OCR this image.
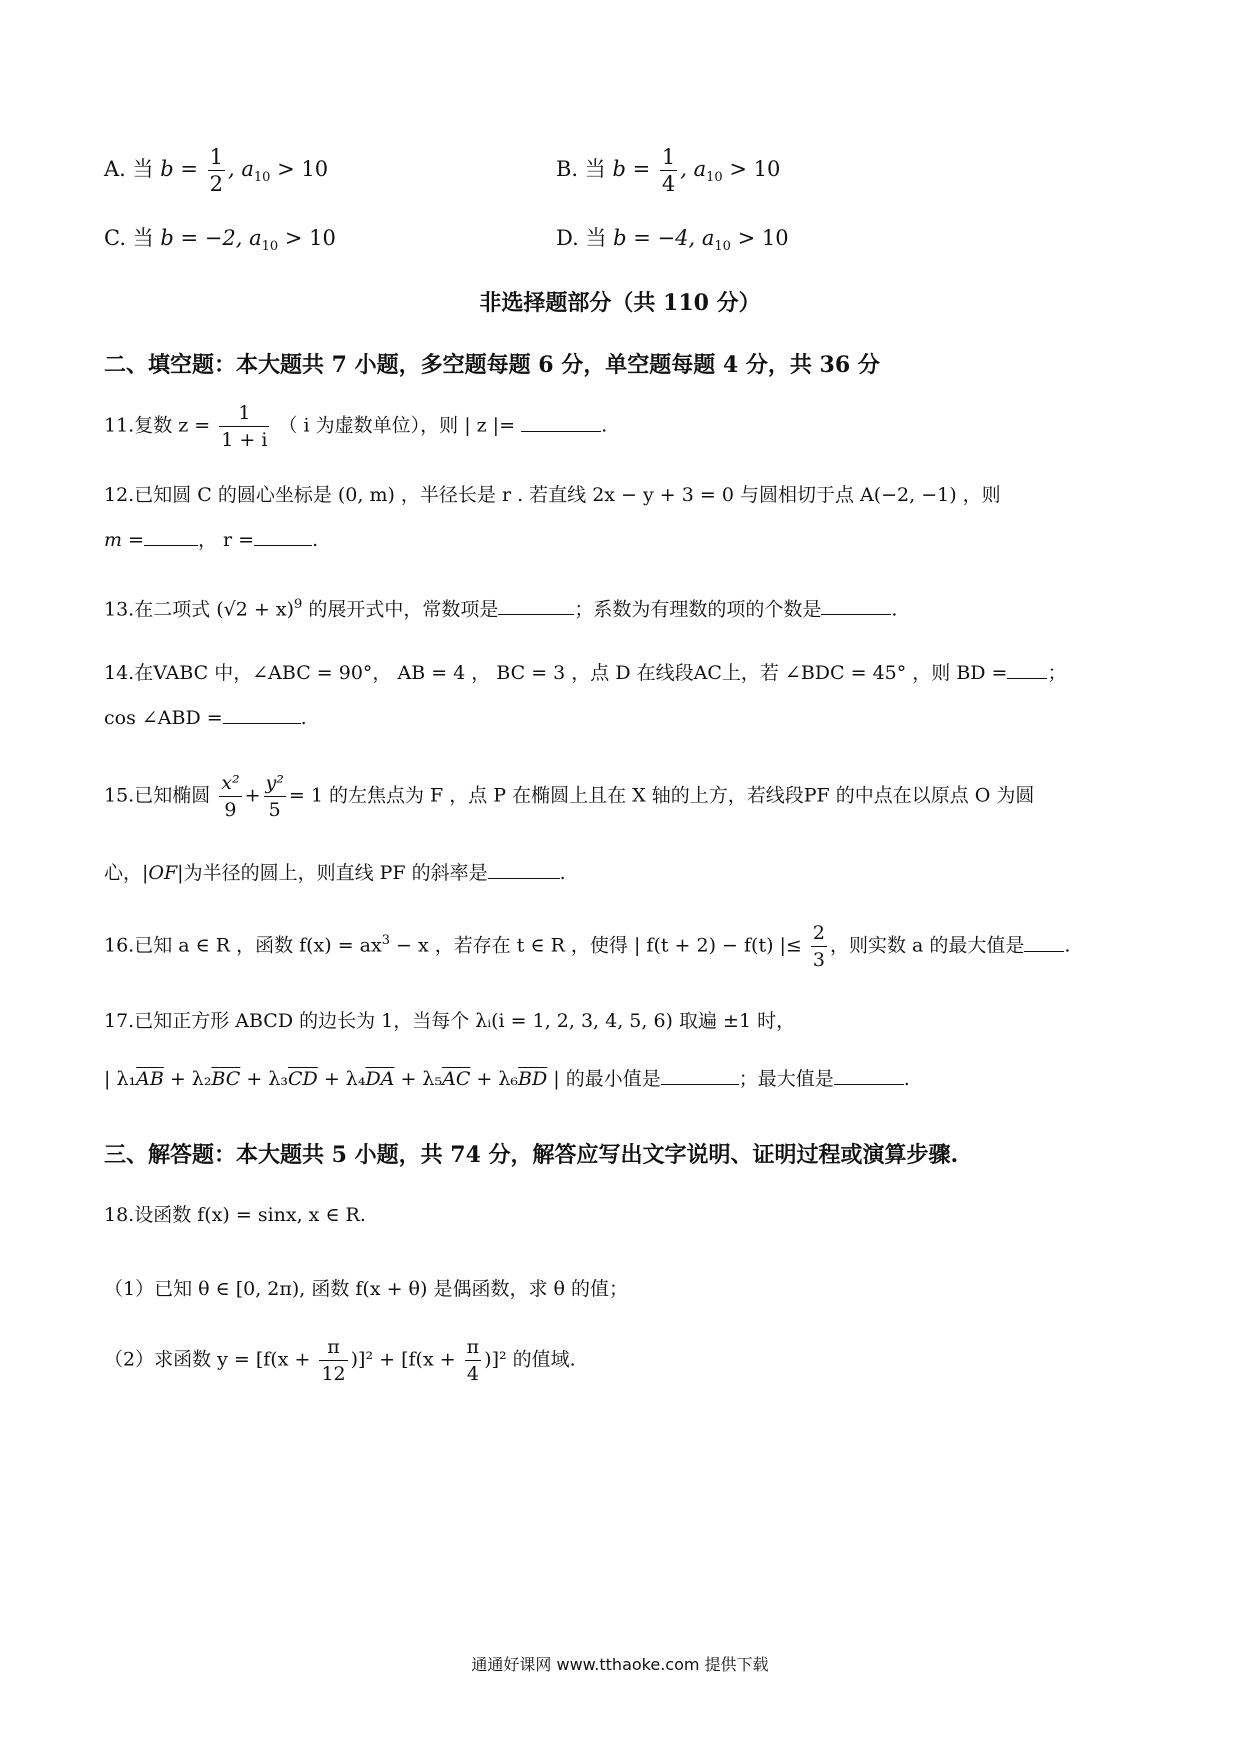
A. 当 $b = \frac{1}{2}$ , $a_{10} > 10$	B. 当 $b = \frac{1}{4}$ , $a_{10} > 10$
C. 当 b = −2, $a_{10} > 10$	D. 当 b = −4, $a_{10} > 10$
非选择题部分（共 110 分）
二、填空题：本大题共 7 小题，多空题每题 6 分，单空题每题 4 分，共 36 分
11.复数 $z = \frac{1}{1 + i}$ （ i 为虚数单位），则 | z |=	.
12.已知圆 C 的圆心坐标是 (0, m) ，半径长是 r . 若直线 2x − y + 3 = 0 与圆相切于点 A(−2, −1) ，则
m =	， r =	.
13.在二项式 $(√2 + x)^9$ 的展开式中，常数项是	；系数为有理数的项的个数是	.
14.在VABC 中，∠ABC = 90°， AB = 4 ， BC = 3 ，点 D 在线段AC上，若 ∠BDC = 45° ，则 BD = ；
cos ∠ABD =	.
15.已知椭圆 $\frac{\text{x²}}{9} + \frac{\text{y²}}{5} = 1$ 的左焦点为 F ，点 P 在椭圆上且在 X 轴的上方，若线段PF 的中点在以原点 O 为圆
心，|OF|为半径的圆上，则直线 PF 的斜率是	.
16.已知 a ∈ R ，函数 $f(x) = ax^3 - x$ ，若存在 t ∈ R ，使得 | f(t + 2) − f(t) |≤ $\frac{2}{3}$ ，则实数 a 的最大值是 .
17.已知正方形 ABCD 的边长为 1，当每个 λᵢ(i = 1, 2, 3, 4, 5, 6) 取遍 ±1 时，
| $\lambda_1\overline{AB} + \lambda_2\overline{BC} + \lambda_3\overline{CD} + \lambda_4\overline{DA} + \lambda_5\overline{AC} + \lambda_6\overline{BD}$ | 的最小值是	；最大值是	.
三、解答题：本大题共 5 小题，共 74 分，解答应写出文字说明、证明过程或演算步骤.
18.设函数 f(x) = sinx, x ∈ R.
（1）已知 θ ∈ [0, 2π), 函数 f(x + θ) 是偶函数，求 θ 的值；
（2）求函数 $y = [f(x + \frac{\pi}{12} )]^2 + [f(x + \frac{\pi}{4} )]^2$ 的值域.
通通好课网 www.tthaoke.com 提供下载
